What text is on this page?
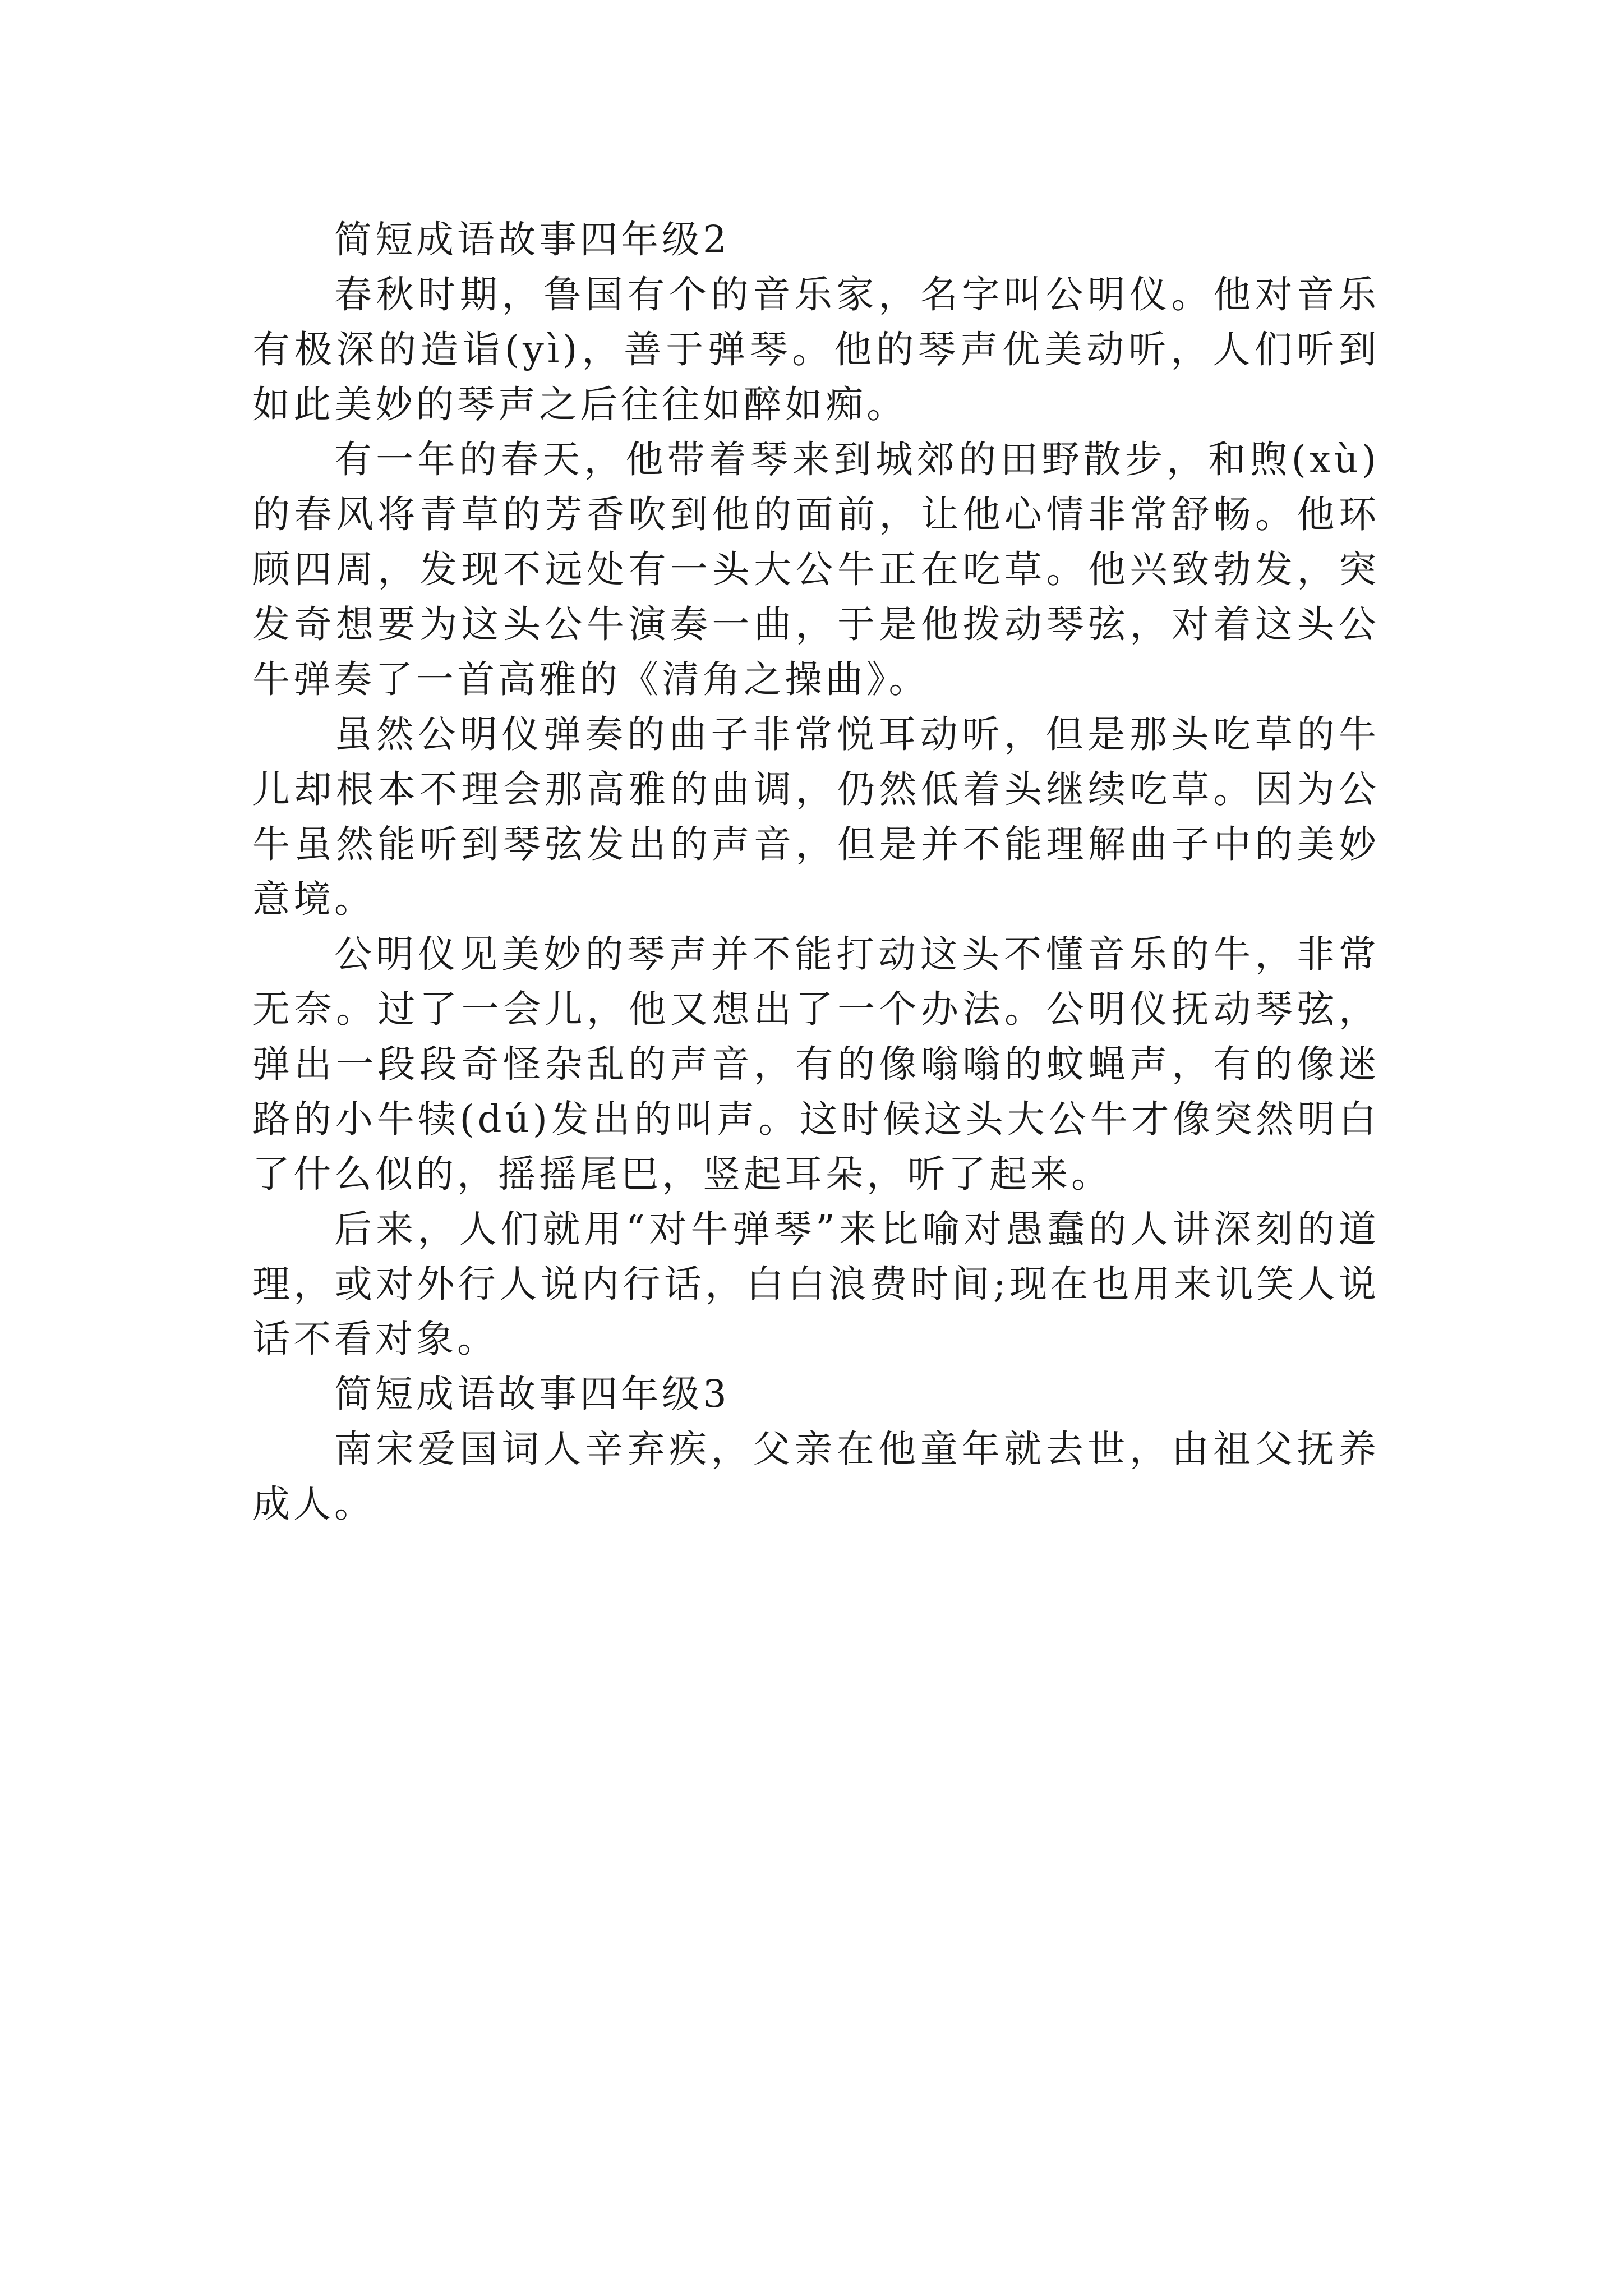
简短成语故事四年级2

春秋时期，鲁国有个的音乐家，名字叫公明仪。他对音乐有极深的造诣(yì)，善于弹琴。他的琴声优美动听，人们听到如此美妙的琴声之后往往如醉如痴。

有一年的春天，他带着琴来到城郊的田野散步，和煦(xù)的春风将青草的芳香吹到他的面前，让他心情非常舒畅。他环顾四周，发现不远处有一头大公牛正在吃草。他兴致勃发，突发奇想要为这头公牛演奏一曲，于是他拨动琴弦，对着这头公牛弹奏了一首高雅的《清角之操曲》。

虽然公明仪弹奏的曲子非常悦耳动听，但是那头吃草的牛儿却根本不理会那高雅的曲调，仍然低着头继续吃草。因为公牛虽然能听到琴弦发出的声音，但是并不能理解曲子中的美妙意境。

公明仪见美妙的琴声并不能打动这头不懂音乐的牛，非常无奈。过了一会儿，他又想出了一个办法。公明仪抚动琴弦，弹出一段段奇怪杂乱的声音，有的像嗡嗡的蚊蝇声，有的像迷路的小牛犊(dú)发出的叫声。这时候这头大公牛才像突然明白了什么似的，摇摇尾巴，竖起耳朵，听了起来。

后来，人们就用“对牛弹琴”来比喻对愚蠢的人讲深刻的道理，或对外行人说内行话，白白浪费时间;现在也用来讥笑人说话不看对象。

简短成语故事四年级3

南宋爱国词人辛弃疾，父亲在他童年就去世，由祖父抚养成人。
